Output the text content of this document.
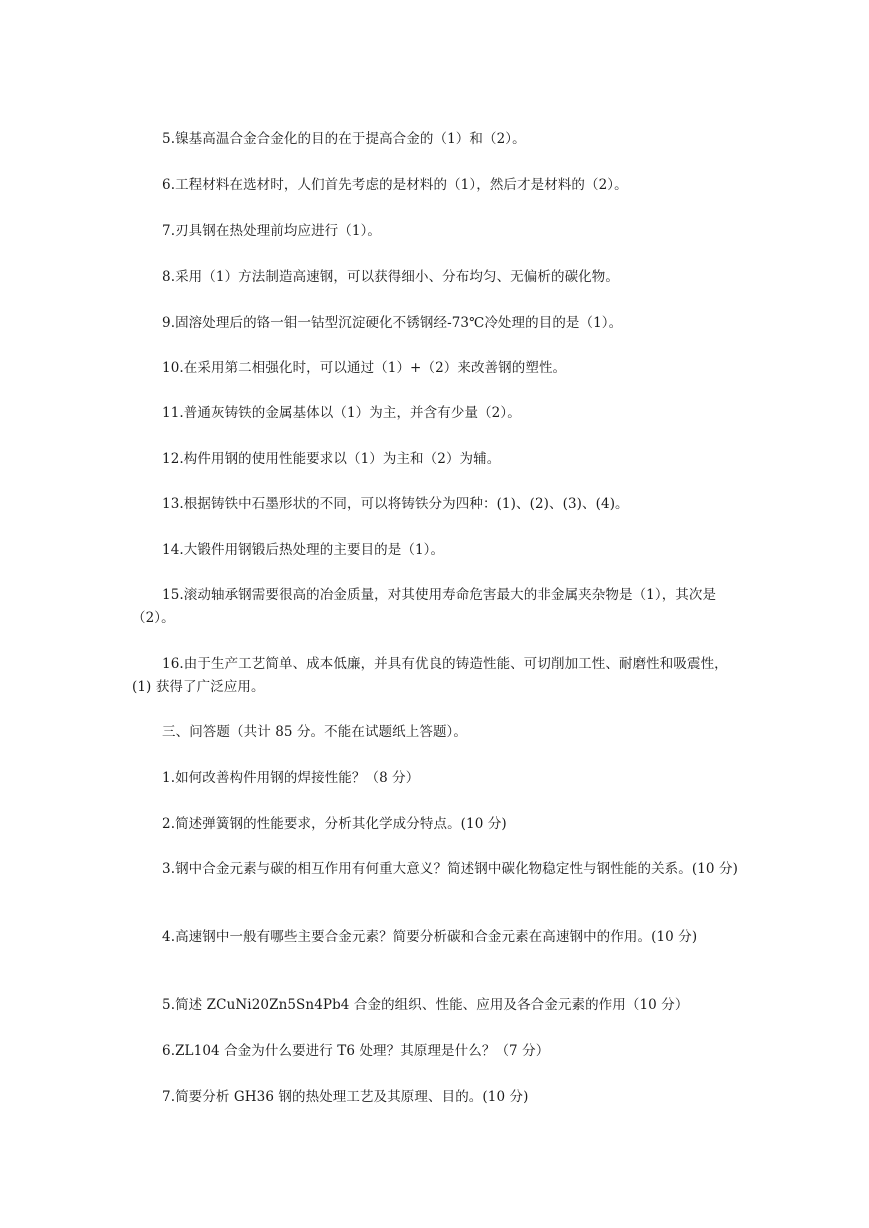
5.镍基高温合金合金化的目的在于提高合金的（1）和（2）。

6.工程材料在选材时，人们首先考虑的是材料的（1），然后才是材料的（2）。

7.刃具钢在热处理前均应进行（1）。

8.采用（1）方法制造高速钢，可以获得细小、分布均匀、无偏析的碳化物。

9.固溶处理后的铬一钼一钴型沉淀硬化不锈钢经-73℃冷处理的目的是（1）。

10.在采用第二相强化时，可以通过（1）+（2）来改善钢的塑性。

11.普通灰铸铁的金属基体以（1）为主，并含有少量（2）。

12.构件用钢的使用性能要求以（1）为主和（2）为辅。

13.根据铸铁中石墨形状的不同，可以将铸铁分为四种：(1)、(2)、(3)、(4)。

14.大锻件用钢锻后热处理的主要目的是（1）。

15.滚动轴承钢需要很高的冶金质量，对其使用寿命危害最大的非金属夹杂物是（1），其次是（2）。

16.由于生产工艺简单、成本低廉，并具有优良的铸造性能、可切削加工性、耐磨性和吸震性，(1) 获得了广泛应用。

三、问答题（共计 85 分。不能在试题纸上答题）。

1.如何改善构件用钢的焊接性能？（8 分）

2.简述弹簧钢的性能要求，分析其化学成分特点。(10 分)

3.钢中合金元素与碳的相互作用有何重大意义？简述钢中碳化物稳定性与钢性能的关系。(10 分)

4.高速钢中一般有哪些主要合金元素？简要分析碳和合金元素在高速钢中的作用。(10 分)

5.简述 ZCuNi20Zn5Sn4Pb4 合金的组织、性能、应用及各合金元素的作用（10 分）

6.ZL104 合金为什么要进行 T6 处理？其原理是什么？（7 分）

7.简要分析 GH36 钢的热处理工艺及其原理、目的。(10 分)
